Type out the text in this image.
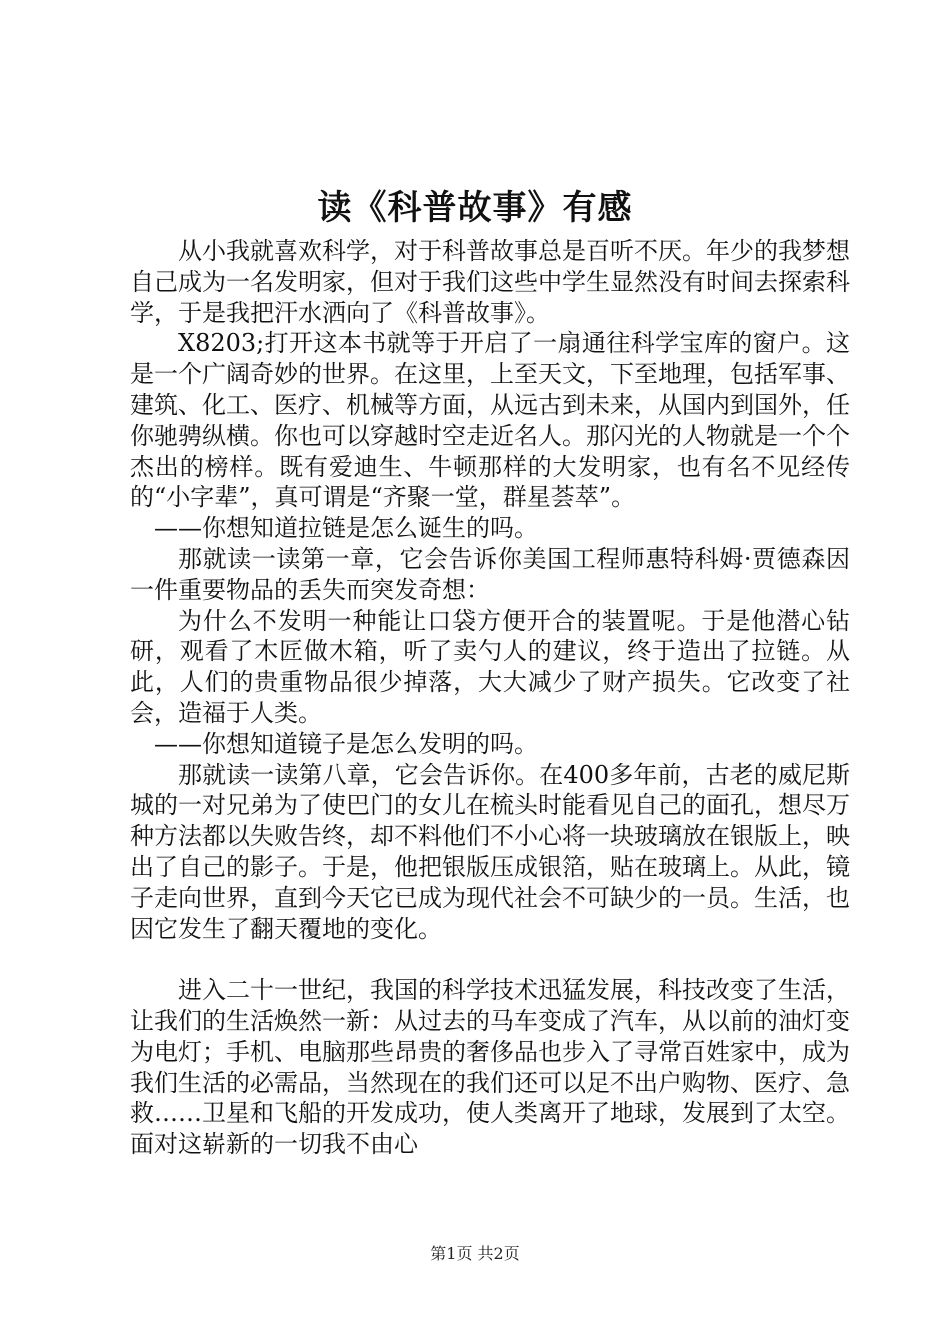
读《科普故事》有感

从小我就喜欢科学，对于科普故事总是百听不厌。年少的我梦想自己成为一名发明家，但对于我们这些中学生显然没有时间去探索科学，于是我把汗水洒向了《科普故事》。

X8203;打开这本书就等于开启了一扇通往科学宝库的窗户。这是一个广阔奇妙的世界。在这里，上至天文，下至地理，包括军事、建筑、化工、医疗、机械等方面，从远古到未来，从国内到国外，任你驰骋纵横。你也可以穿越时空走近名人。那闪光的人物就是一个个杰出的榜样。既有爱迪生、牛顿那样的大发明家，也有名不见经传的“小字辈”，真可谓是“齐聚一堂，群星荟萃”。

——你想知道拉链是怎么诞生的吗。

那就读一读第一章，它会告诉你美国工程师惠特科姆·贾德森因一件重要物品的丢失而突发奇想：

为什么不发明一种能让口袋方便开合的装置呢。于是他潜心钻研，观看了木匠做木箱，听了卖勺人的建议，终于造出了拉链。从此，人们的贵重物品很少掉落，大大减少了财产损失。它改变了社会，造福于人类。

——你想知道镜子是怎么发明的吗。

那就读一读第八章，它会告诉你。在400多年前，古老的威尼斯城的一对兄弟为了使巴门的女儿在梳头时能看见自己的面孔，想尽万种方法都以失败告终，却不料他们不小心将一块玻璃放在银版上，映出了自己的影子。于是，他把银版压成银箔，贴在玻璃上。从此，镜子走向世界，直到今天它已成为现代社会不可缺少的一员。生活，也因它发生了翻天覆地的变化。

进入二十一世纪，我国的科学技术迅猛发展，科技改变了生活，让我们的生活焕然一新：从过去的马车变成了汽车，从以前的油灯变为电灯；手机、电脑那些昂贵的奢侈品也步入了寻常百姓家中，成为我们生活的必需品，当然现在的我们还可以足不出户购物、医疗、急救……卫星和飞船的开发成功，使人类离开了地球，发展到了太空。面对这崭新的一切我不由心

第1页 共2页
